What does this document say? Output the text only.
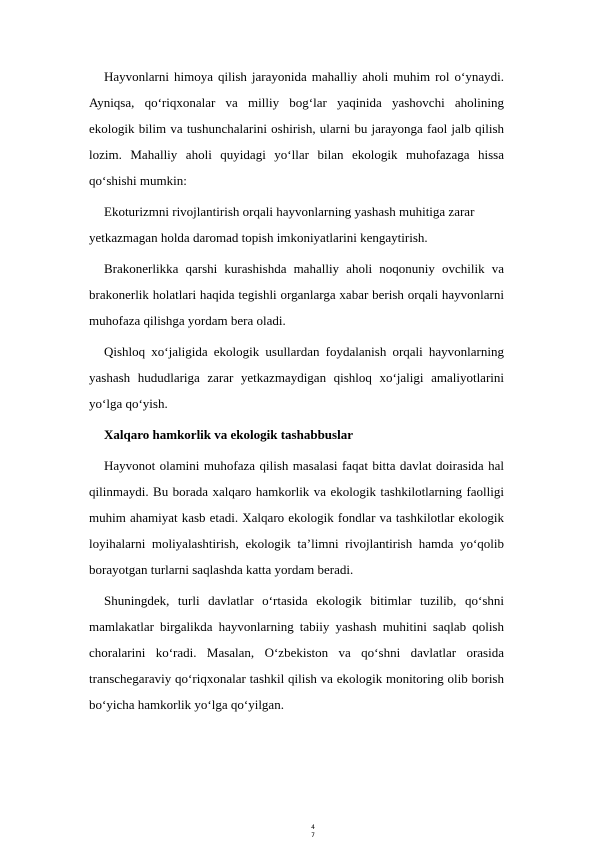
Hayvonlarni himoya qilish jarayonida mahalliy aholi muhim rol o‘ynaydi. Ayniqsa, qo‘riqxonalar va milliy bog‘lar yaqinida yashovchi aholining ekologik bilim va tushunchalarini oshirish, ularni bu jarayonga faol jalb qilish lozim. Mahalliy aholi quyidagi yo‘llar bilan ekologik muhofazaga hissa qo‘shishi mumkin:

Ekoturizmni rivojlantirish orqali hayvonlarning yashash muhitiga zarar yetkazmagan holda daromad topish imkoniyatlarini kengaytirish.

Brakonerlikka qarshi kurashishda mahalliy aholi noqonuniy ovchilik va brakonerlik holatlari haqida tegishli organlarga xabar berish orqali hayvonlarni muhofaza qilishga yordam bera oladi.

Qishloq xo‘jaligida ekologik usullardan foydalanish orqali hayvonlarning yashash hududlariga zarar yetkazmaydigan qishloq xo‘jaligi amaliyotlarini yo‘lga qo‘yish.

Xalqaro hamkorlik va ekologik tashabbuslar

Hayvonot olamini muhofaza qilish masalasi faqat bitta davlat doirasida hal qilinmaydi. Bu borada xalqaro hamkorlik va ekologik tashkilotlarning faolligi muhim ahamiyat kasb etadi. Xalqaro ekologik fondlar va tashkilotlar ekologik loyihalarni moliyalashtirish, ekologik ta’limni rivojlantirish hamda yo‘qolib borayotgan turlarni saqlashda katta yordam beradi.

Shuningdek, turli davlatlar o‘rtasida ekologik bitimlar tuzilib, qo‘shni mamlakatlar birgalikda hayvonlarning tabiiy yashash muhitini saqlab qolish choralarini ko‘radi. Masalan, O‘zbekiston va qo‘shni davlatlar orasida transchegaraviy qo‘riqxonalar tashkil qilish va ekologik monitoring olib borish bo‘yicha hamkorlik yo‘lga qo‘yilgan.

47
